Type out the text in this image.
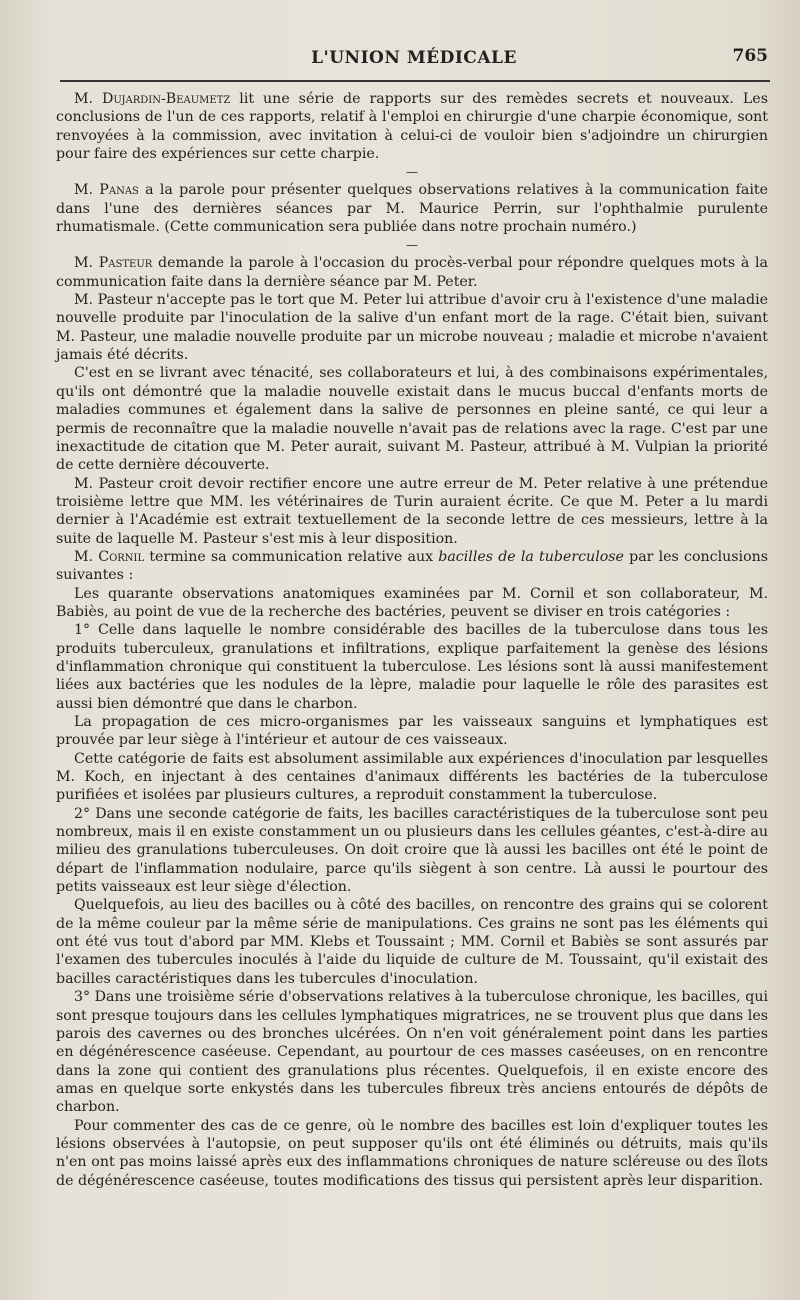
L'UNION MÉDICALE	765

M. Dujardin-Beaumetz lit une série de rapports sur des remèdes secrets et nouveaux. Les conclusions de l'un de ces rapports, relatif à l'emploi en chirurgie d'une charpie économique, sont renvoyées à la commission, avec invitation à celui-ci de vouloir bien s'adjoindre un chirurgien pour faire des expériences sur cette charpie.

—

M. Panas a la parole pour présenter quelques observations relatives à la communication faite dans l'une des dernières séances par M. Maurice Perrin, sur l'ophthalmie purulente rhumatismale. (Cette communication sera publiée dans notre prochain numéro.)

—

M. Pasteur demande la parole à l'occasion du procès-verbal pour répondre quelques mots à la communication faite dans la dernière séance par M. Peter.

M. Pasteur n'accepte pas le tort que M. Peter lui attribue d'avoir cru à l'existence d'une maladie nouvelle produite par l'inoculation de la salive d'un enfant mort de la rage. C'était bien, suivant M. Pasteur, une maladie nouvelle produite par un microbe nouveau ; maladie et microbe n'avaient jamais été décrits.

C'est en se livrant avec ténacité, ses collaborateurs et lui, à des combinaisons expérimentales, qu'ils ont démontré que la maladie nouvelle existait dans le mucus buccal d'enfants morts de maladies communes et également dans la salive de personnes en pleine santé, ce qui leur a permis de reconnaître que la maladie nouvelle n'avait pas de relations avec la rage. C'est par une inexactitude de citation que M. Peter aurait, suivant M. Pasteur, attribué à M. Vulpian la priorité de cette dernière découverte.

M. Pasteur croit devoir rectifier encore une autre erreur de M. Peter relative à une prétendue troisième lettre que MM. les vétérinaires de Turin auraient écrite. Ce que M. Peter a lu mardi dernier à l'Académie est extrait textuellement de la seconde lettre de ces messieurs, lettre à la suite de laquelle M. Pasteur s'est mis à leur disposition.

M. Cornil termine sa communication relative aux bacilles de la tuberculose par les conclusions suivantes :

Les quarante observations anatomiques examinées par M. Cornil et son collaborateur, M. Babiès, au point de vue de la recherche des bactéries, peuvent se diviser en trois catégories :

1° Celle dans laquelle le nombre considérable des bacilles de la tuberculose dans tous les produits tuberculeux, granulations et infiltrations, explique parfaitement la genèse des lésions d'inflammation chronique qui constituent la tuberculose. Les lésions sont là aussi manifestement liées aux bactéries que les nodules de la lèpre, maladie pour laquelle le rôle des parasites est aussi bien démontré que dans le charbon.

La propagation de ces micro-organismes par les vaisseaux sanguins et lymphatiques est prouvée par leur siège à l'intérieur et autour de ces vaisseaux.

Cette catégorie de faits est absolument assimilable aux expériences d'inoculation par lesquelles M. Koch, en injectant à des centaines d'animaux différents les bactéries de la tuberculose purifiées et isolées par plusieurs cultures, a reproduit constamment la tuberculose.

2° Dans une seconde catégorie de faits, les bacilles caractéristiques de la tuberculose sont peu nombreux, mais il en existe constamment un ou plusieurs dans les cellules géantes, c'est-à-dire au milieu des granulations tuberculeuses. On doit croire que là aussi les bacilles ont été le point de départ de l'inflammation nodulaire, parce qu'ils siègent à son centre. Là aussi le pourtour des petits vaisseaux est leur siège d'élection.

Quelquefois, au lieu des bacilles ou à côté des bacilles, on rencontre des grains qui se colorent de la même couleur par la même série de manipulations. Ces grains ne sont pas les éléments qui ont été vus tout d'abord par MM. Klebs et Toussaint ; MM. Cornil et Babiès se sont assurés par l'examen des tubercules inoculés à l'aide du liquide de culture de M. Toussaint, qu'il existait des bacilles caractéristiques dans les tubercules d'inoculation.

3° Dans une troisième série d'observations relatives à la tuberculose chronique, les bacilles, qui sont presque toujours dans les cellules lymphatiques migratrices, ne se trouvent plus que dans les parois des cavernes ou des bronches ulcérées. On n'en voit généralement point dans les parties en dégénérescence caséeuse. Cependant, au pourtour de ces masses caséeuses, on en rencontre dans la zone qui contient des granulations plus récentes. Quelquefois, il en existe encore des amas en quelque sorte enkystés dans les tubercules fibreux très anciens entourés de dépôts de charbon.

Pour commenter des cas de ce genre, où le nombre des bacilles est loin d'expliquer toutes les lésions observées à l'autopsie, on peut supposer qu'ils ont été éliminés ou détruits, mais qu'ils n'en ont pas moins laissé après eux des inflammations chroniques de nature scléreuse ou des îlots de dégénérescence caséeuse, toutes modifications des tissus qui persistent après leur disparition.
